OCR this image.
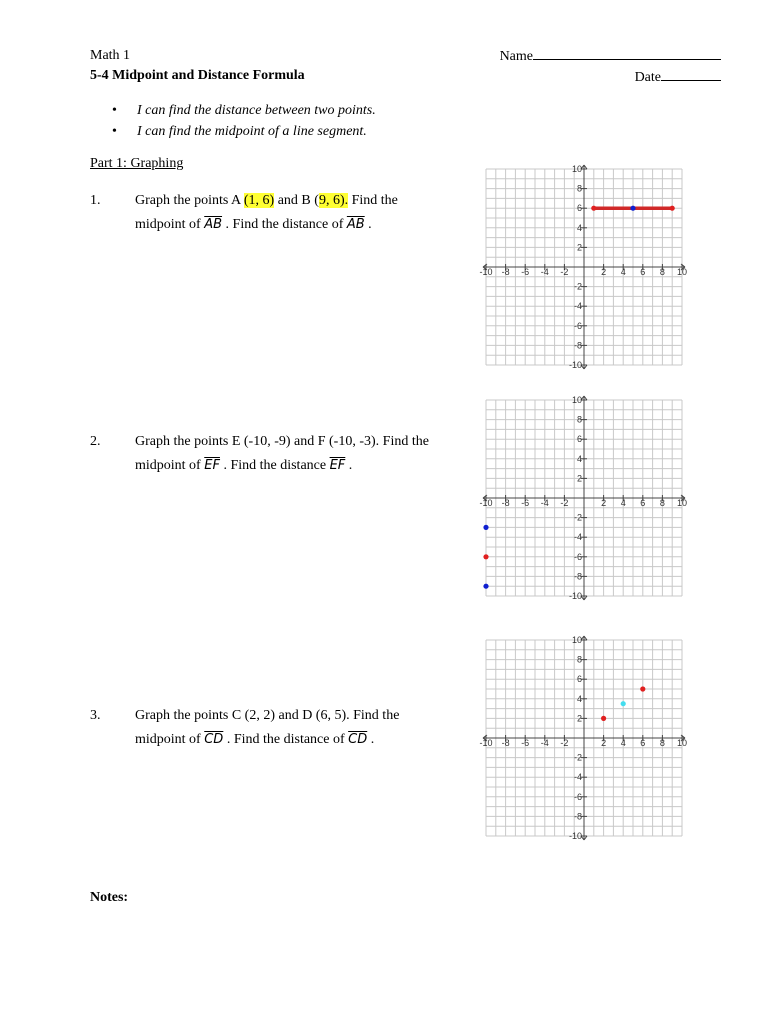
Math 1
5-4 Midpoint and Distance Formula
Name
Date
• I can find the distance between two points.
• I can find the midpoint of a line segment.
Part 1: Graphing
1. Graph the points A (1, 6) and B (9, 6). Find the
midpoint of $\overline{AB}$ . Find the distance of $\overline{AB}$ .
2. Graph the points E (-10, -9) and F (-10, -3). Find the
midpoint of $\overline{EF}$ . Find the distance $\overline{EF}$ .
3. Graph the points C (2, 2) and D (6, 5). Find the
midpoint of $\overline{CD}$ . Find the distance of $\overline{CD}$ .
-10 -8 -6 -4 -2	2 4 6 8 10
10
8
6
4
2
-2
-4
-6
-8
-10
-10 -8 -6 -4 -2	2 4 6 8 10
10
8
6
4
2
-2
-4
-6
-8
-10
-10 -8 -6 -4 -2	2 4 6 8 10
10
8
6
4
2
-2
-4
-6
-8
-10
Notes:
